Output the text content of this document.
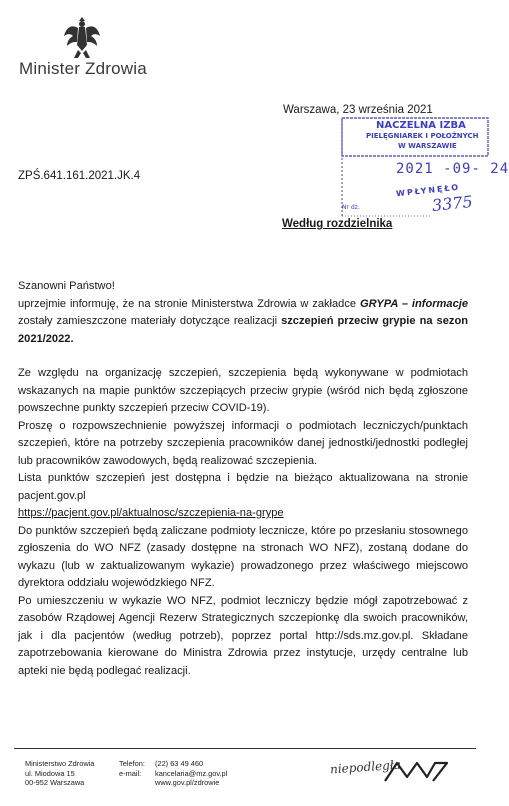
Minister Zdrowia
Warszawa, 23 września 2021
ZPŚ.641.161.2021.JK.4
Według rozdzielnika
NACZELNA IZBA
PIELĘGNIAREK I POŁOŻNYCH
W WARSZAWIE
2021 -09- 24
WPŁYNĘŁO
Nr dz.	3375

Szanowni Państwo!

uprzejmie informuję, że na stronie Ministerstwa Zdrowia w zakładce GRYPA – informacje zostały zamieszczone materiały dotyczące realizacji szczepień przeciw grypie na sezon 2021/2022.

Ze względu na organizację szczepień, szczepienia będą wykonywane w podmiotach wskazanych na mapie punktów szczepiących przeciw grypie (wśród nich będą zgłoszone powszechne punkty szczepień przeciw COVID-19).

Proszę o rozpowszechnienie powyższej informacji o podmiotach leczniczych/punktach szczepień, które na potrzeby szczepienia pracowników danej jednostki/jednostki podległej lub pracowników zawodowych, będą realizować szczepienia.

Lista punktów szczepień jest dostępna i będzie na bieżąco aktualizowana na stronie pacjent.gov.pl

https://pacjent.gov.pl/aktualnosc/szczepienia-na-grype

Do punktów szczepień będą zaliczane podmioty lecznicze, które po przesłaniu stosownego zgłoszenia do WO NFZ (zasady dostępne na stronach WO NFZ), zostaną dodane do wykazu (lub w zaktualizowanym wykazie) prowadzonego przez właściwego miejscowo dyrektora oddziału wojewódzkiego NFZ.

Po umieszczeniu w wykazie WO NFZ, podmiot leczniczy będzie mógł zapotrzebować z zasobów Rządowej Agencji Rezerw Strategicznych szczepionkę dla swoich pracowników, jak i dla pacjentów (według potrzeb), poprzez portal http://sds.mz.gov.pl. Składane zapotrzebowania kierowane do Ministra Zdrowia przez instytucje, urzędy centralne lub apteki nie będą podlegać realizacji.

Ministerstwo Zdrowia
ul. Miodowa 15
00-952 Warszawa
Telefon: (22) 63 49 460
e-mail: kancelaria@mz.gov.pl
www.gov.pl/zdrowie
niepodległa
